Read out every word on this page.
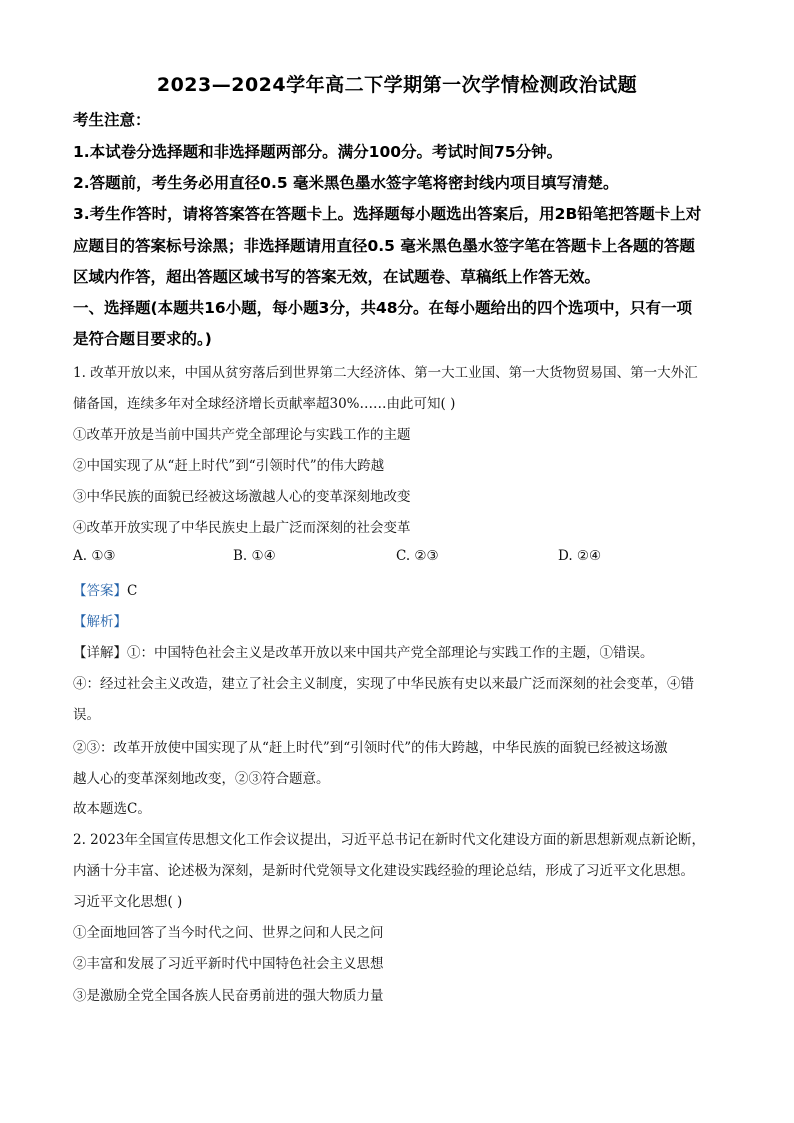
2023—2024学年高二下学期第一次学情检测政治试题
考生注意：
1.本试卷分选择题和非选择题两部分。满分100分。考试时间75分钟。
2.答题前，考生务必用直径0.5 毫米黑色墨水签字笔将密封线内项目填写清楚。
3.考生作答时，请将答案答在答题卡上。选择题每小题选出答案后，用2B铅笔把答题卡上对
应题目的答案标号涂黑；非选择题请用直径0.5 毫米黑色墨水签字笔在答题卡上各题的答题
区域内作答，超出答题区域书写的答案无效，在试题卷、草稿纸上作答无效。
一、选择题(本题共16小题，每小题3分，共48分。在每小题给出的四个选项中，只有一项
是符合题目要求的。)
1. 改革开放以来，中国从贫穷落后到世界第二大经济体、第一大工业国、第一大货物贸易国、第一大外汇
储备国，连续多年对全球经济增长贡献率超30%……由此可知( )
①改革开放是当前中国共产党全部理论与实践工作的主题
②中国实现了从“赶上时代”到“引领时代”的伟大跨越
③中华民族的面貌已经被这场激越人心的变革深刻地改变
④改革开放实现了中华民族史上最广泛而深刻的社会变革
A. ①③	B. ①④	C. ②③	D. ②④
【答案】C
【解析】
【详解】①：中国特色社会主义是改革开放以来中国共产党全部理论与实践工作的主题，①错误。
④：经过社会主义改造，建立了社会主义制度，实现了中华民族有史以来最广泛而深刻的社会变革，④错
误。
②③：改革开放使中国实现了从“赶上时代”到“引领时代”的伟大跨越，中华民族的面貌已经被这场激
越人心的变革深刻地改变，②③符合题意。
故本题选C。
2. 2023年全国宣传思想文化工作会议提出，习近平总书记在新时代文化建设方面的新思想新观点新论断，
内涵十分丰富、论述极为深刻，是新时代党领导文化建设实践经验的理论总结，形成了习近平文化思想。
习近平文化思想( )
①全面地回答了当今时代之问、世界之问和人民之问
②丰富和发展了习近平新时代中国特色社会主义思想
③是激励全党全国各族人民奋勇前进的强大物质力量
